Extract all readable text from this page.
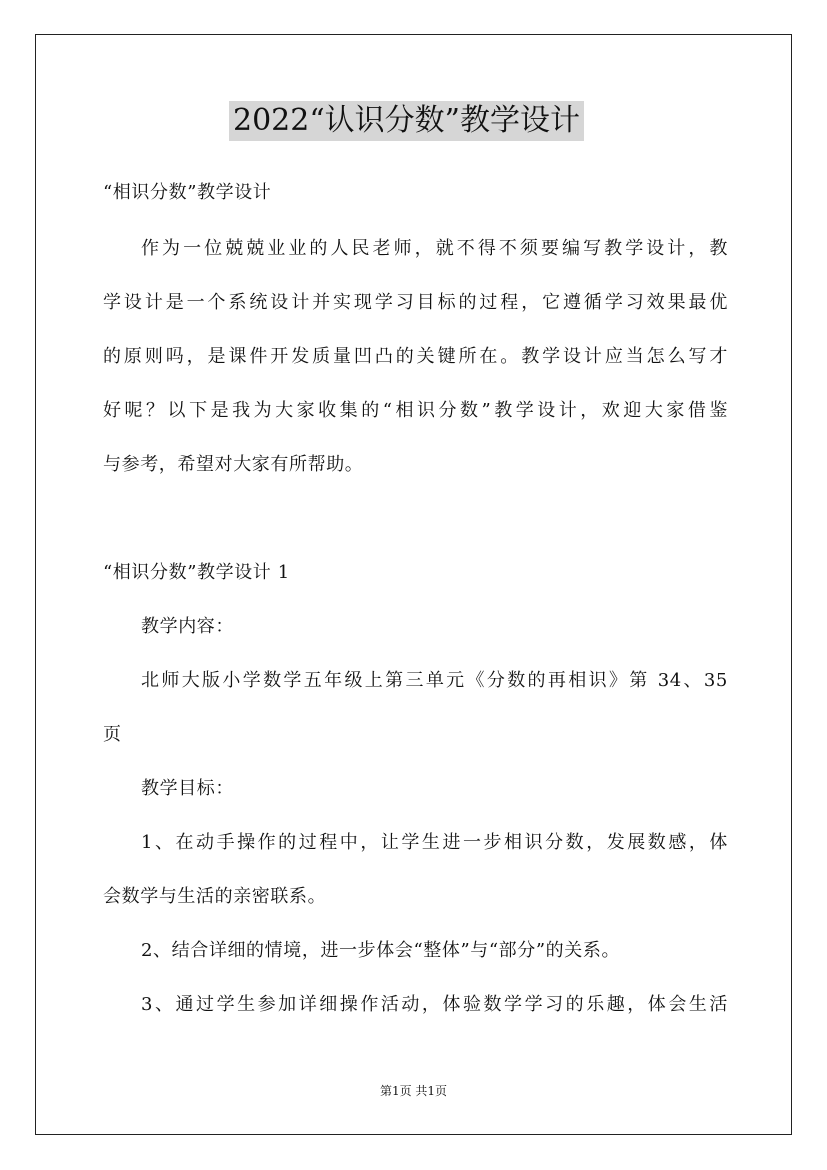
2022“认识分数”教学设计
“相识分数”教学设计
作为一位兢兢业业的人民老师，就不得不须要编写教学设计，教
学设计是一个系统设计并实现学习目标的过程，它遵循学习效果最优
的原则吗，是课件开发质量凹凸的关键所在。教学设计应当怎么写才
好呢？以下是我为大家收集的“相识分数”教学设计，欢迎大家借鉴
与参考，希望对大家有所帮助。
“相识分数”教学设计 1
教学内容：
北师大版小学数学五年级上第三单元《分数的再相识》第 34、35
页
教学目标：
1、在动手操作的过程中，让学生进一步相识分数，发展数感，体
会数学与生活的亲密联系。
2、结合详细的情境，进一步体会“整体”与“部分”的关系。
3、通过学生参加详细操作活动，体验数学学习的乐趣，体会生活
第1页 共1页
